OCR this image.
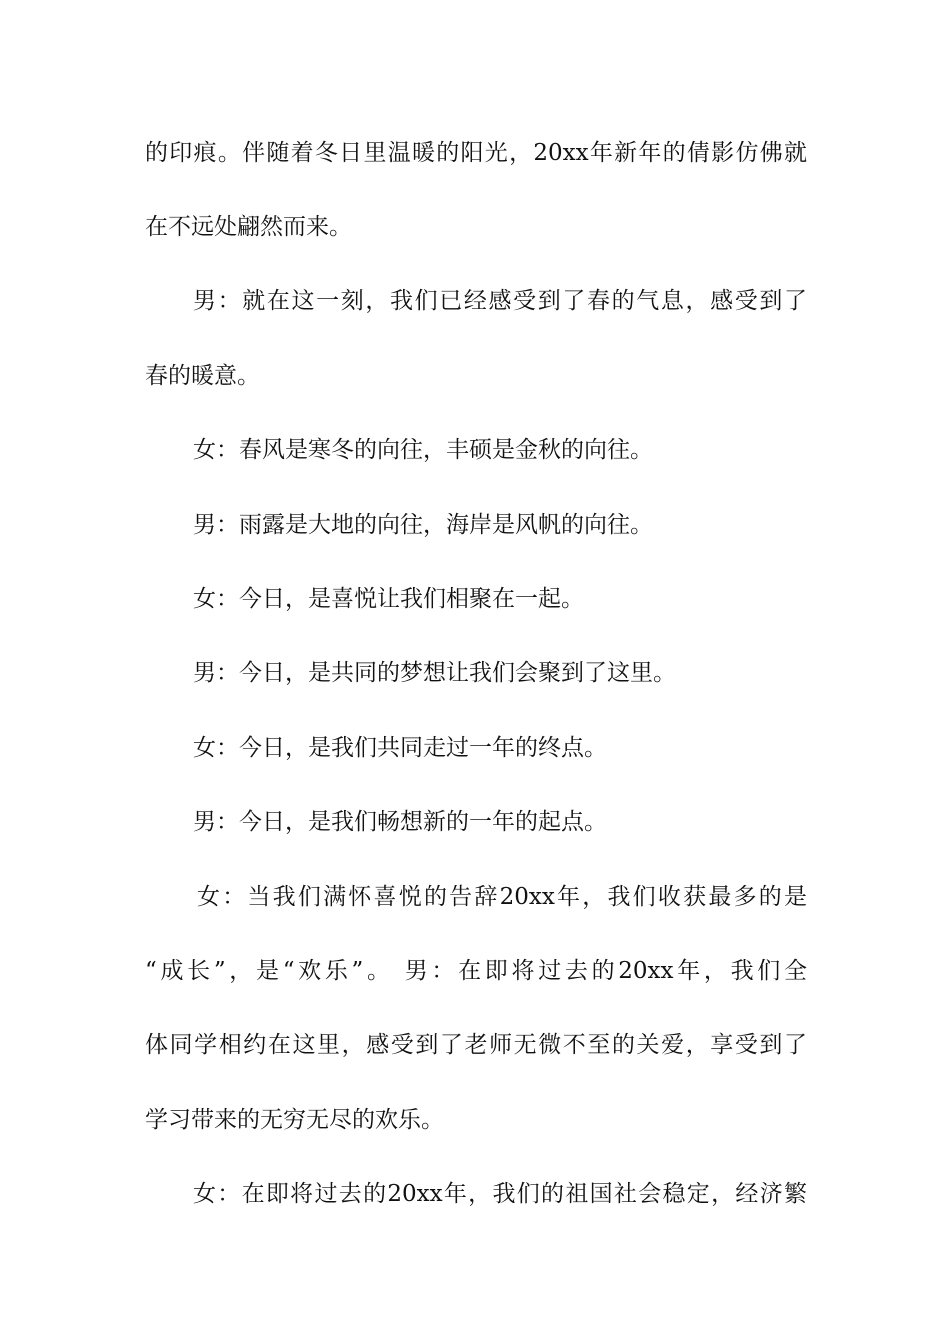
的印痕。伴随着冬日里温暖的阳光，20xx年新年的倩影仿佛就
在不远处翩然而来。
男：就在这一刻，我们已经感受到了春的气息，感受到了
春的暖意。
女：春风是寒冬的向往，丰硕是金秋的向往。
男：雨露是大地的向往，海岸是风帆的向往。
女：今日，是喜悦让我们相聚在一起。
男：今日，是共同的梦想让我们会聚到了这里。
女：今日，是我们共同走过一年的终点。
男：今日，是我们畅想新的一年的起点。
女：当我们满怀喜悦的告辞20xx年，我们收获最多的是
“成长”，是“欢乐”。 男：在即将过去的20xx年，我们全
体同学相约在这里，感受到了老师无微不至的关爱，享受到了
学习带来的无穷无尽的欢乐。
女：在即将过去的20xx年，我们的祖国社会稳定，经济繁
